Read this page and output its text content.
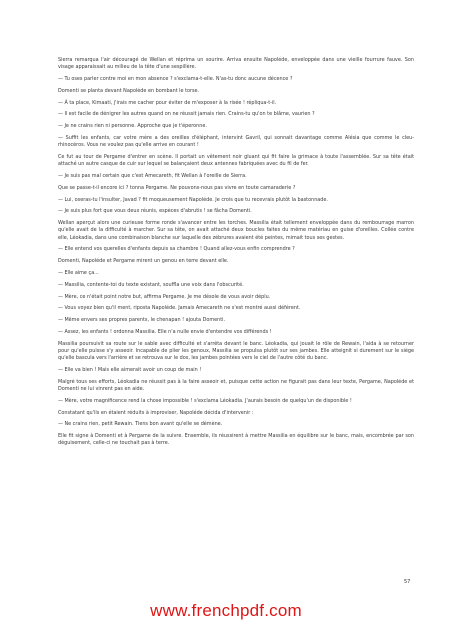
Sierra remarqua l'air découragé de Wellan et réprima un sourire. Arriva ensuite Napoléde, enveloppée dans une vieille fourrure fauve. Son visage apparaissait au milieu de la tête d'une sespillère.

— Tu oses parler contre moi en mon absence ? s'exclama-t-elle. N'as-tu donc aucune décence ?

Domenti se planta devant Napoléde en bombant le torse.

— À ta place, Kimaati, j'irais me cacher pour éviter de m'exposer à la risée ! répliqua-t-il.

— Il est facile de dénigrer les autres quand on ne réussit jamais rien. Crains-tu qu'on te blâme, vaurien ?

— Je ne crains rien ni personne. Approche que je t'éperonne.

— Suffit les enfants, car votre mère a des oreilles d'éléphant, intervint Gavril, qui sonnait davantage comme Alésia que comme le cleu-rhinocéros. Vous ne voulez pas qu'elle arrive en courant !

Ce fut au tour de Pergame d'entrer en scène. Il portait un vêtement noir gluant qui fit faire la grimace à toute l'assemblée. Sur sa tête était attaché un autre casque de cuir sur lequel se balançaient deux antennes fabriquées avec du fil de fer.

— Je suis pas mal certain que c'est Amecareth, fit Wellan à l'oreille de Sierra.

Que se passe-t-il encore ici ? tonna Pergame. Ne pouvons-nous pas vivre en toute camaraderie ?

— Lui, oseras-tu l'insulter, Javad ? fit moqueusement Napoléde. Je crois que tu recevrais plutôt la bastonnade.

— Je suis plus fort que vous deux réunis, espèces d'abrutis ! se fâcha Domenti.

Wellan aperçut alors une curieuse forme ronde s'avancer entre les torches. Massilia était tellement enveloppée dans du rembourrage marron qu'elle avait de la difficulté à marcher. Sur sa tête, on avait attaché deux boucles faites du même matériau en guise d'oreilles. Collée contre elle, Léokadia, dans une combinaison blanche sur laquelle des zébrures avaient été peintes, mimait tous ses gestes.

— Elle entend vos querelles d'enfants depuis sa chambre ! Quand allez-vous enfin comprendre ?

Domenti, Napoléde et Pergame mirent un genou en terre devant elle.

— Elle aime ça...

— Massilia, contente-toi du texte existant, souffla une voix dans l'obscurité.

— Mère, ce n'était point notre but, affirma Pergame. Je me désole de vous avoir déplu.

— Vous voyez bien qu'il ment, riposta Napoléde. Jamais Amecareth ne s'est montré aussi déférent.

— Même envers ses propres parents, le chenapan ! ajouta Domenti.

— Assez, les enfants ! ordonna Massilia. Elle n'a nulle envie d'entendre vos différends !

Massilia poursuivit sa route sur le sable avec difficulté et s'arrêta devant le banc. Léokadia, qui jouait le rôle de Rewain, l'aida à se retourner pour qu'elle puisse s'y asseoir. Incapable de plier les genoux, Massilia se propulsa plutôt sur ses jambes. Elle atteignit si durement sur le siège qu'elle bascula vers l'arrière et se retrouva sur le dos, les jambes pointées vers le ciel de l'autre côté du banc.

— Elle va bien ! Mais elle aimerait avoir un coup de main !

Malgré tous ses efforts, Léokadia ne réussit pas à la faire asseoir et, puisque cette action ne figurait pas dans leur texte, Pergame, Napoléde et Domenti ne lui vinrent pas en aide.

— Mère, votre magnificence rend la chose impossible ! s'exclama Léokadia. J'aurais besoin de quelqu'un de disponible !

Constatant qu'ils en étaient réduits à improviser, Napoléde décida d'intervenir :

— Ne crains rien, petit Rewain. Tiens bon avant qu'elle se démène.

Elle fit signe à Domenti et à Pergame de la suivre. Ensemble, ils réussirent à mettre Massilia en équilibre sur le banc, mais, encombrée par son déguisement, celle-ci ne touchait pas à terre.

57
www.frenchpdf.com
